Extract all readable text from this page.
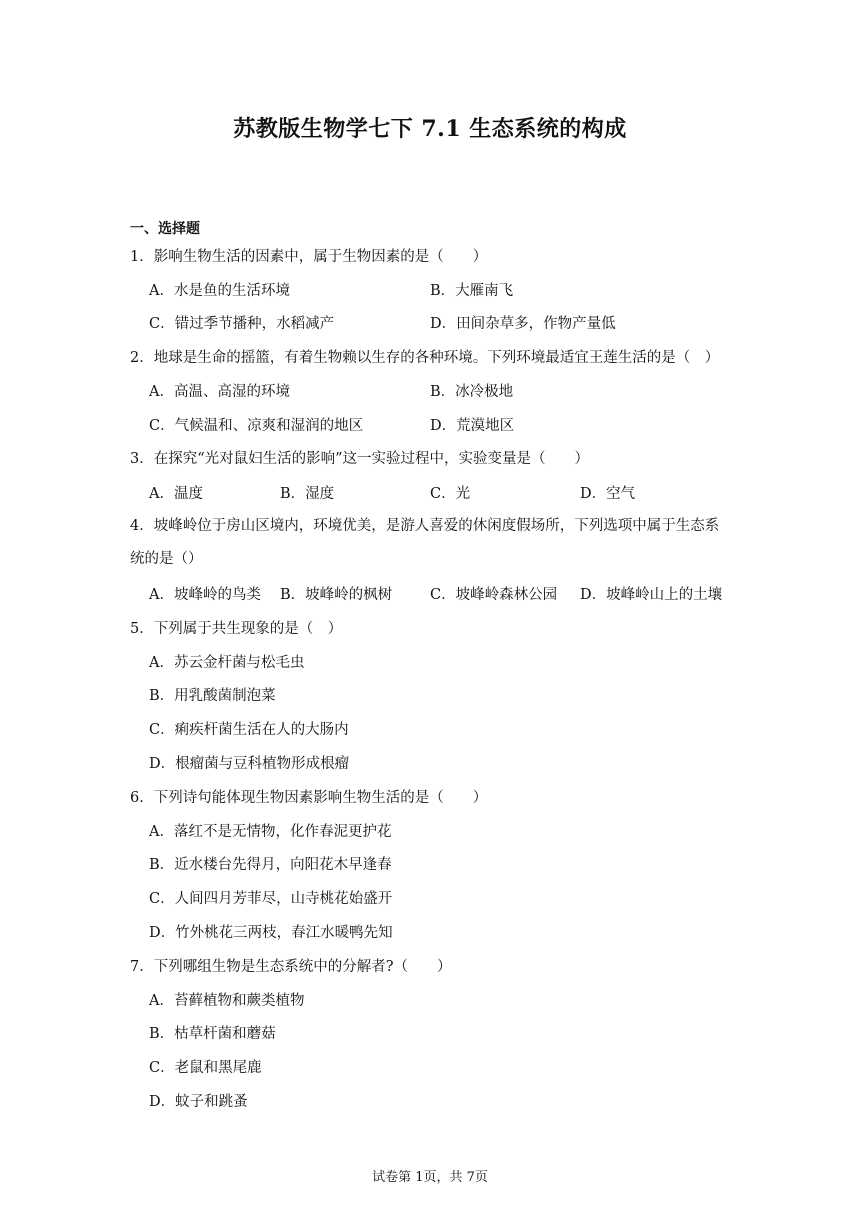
苏教版生物学七下 7.1 生态系统的构成
一、选择题
1．影响生物生活的因素中，属于生物因素的是（　　）
A．水是鱼的生活环境	B．大雁南飞
C．错过季节播种，水稻减产	D．田间杂草多，作物产量低
2．地球是生命的摇篮，有着生物赖以生存的各种环境。下列环境最适宜王莲生活的是（　）
A．高温、高湿的环境	B．冰冷极地
C．气候温和、凉爽和湿润的地区	D．荒漠地区
3．在探究“光对鼠妇生活的影响”这一实验过程中，实验变量是（　　）
A．温度	B．湿度	C．光	D．空气
4．坡峰岭位于房山区境内，环境优美，是游人喜爱的休闲度假场所，下列选项中属于生态系统的是（）
A．坡峰岭的鸟类 B．坡峰岭的枫树	C．坡峰岭森林公园 D．坡峰岭山上的土壤
5．下列属于共生现象的是（　）
A．苏云金杆菌与松毛虫
B．用乳酸菌制泡菜
C．痢疾杆菌生活在人的大肠内
D．根瘤菌与豆科植物形成根瘤
6．下列诗句能体现生物因素影响生物生活的是（　　）
A．落红不是无情物，化作春泥更护花
B．近水楼台先得月，向阳花木早逢春
C．人间四月芳菲尽，山寺桃花始盛开
D．竹外桃花三两枝，春江水暖鸭先知
7．下列哪组生物是生态系统中的分解者?（　　）
A．苔藓植物和蕨类植物
B．枯草杆菌和蘑菇
C．老鼠和黑尾鹿
D．蚊子和跳蚤
试卷第 1页，共 7页
